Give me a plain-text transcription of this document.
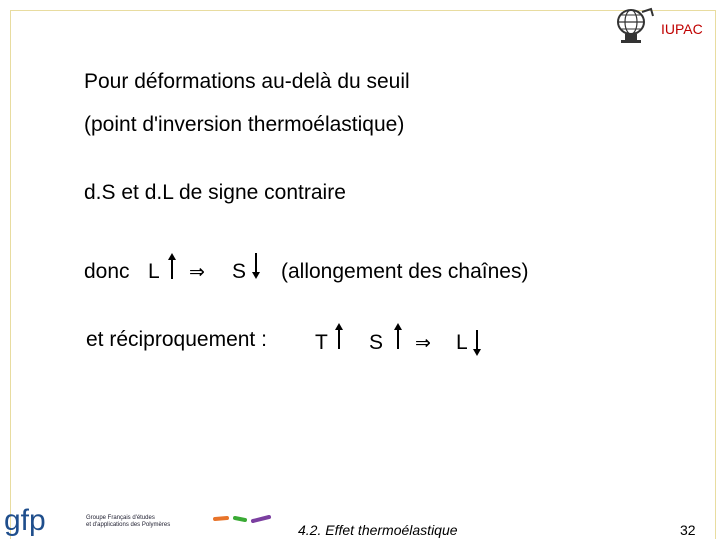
IUPAC
Pour déformations au-delà du seuil
(point d'inversion thermoélastique)
d.S et d.L de signe contraire
donc L ⇒ S (allongement des chaînes)
et réciproquement : T S ⇒ L
gfp	Groupe Français d'études
et d'applications des Polymères	4.2. Effet thermoélastique	32
